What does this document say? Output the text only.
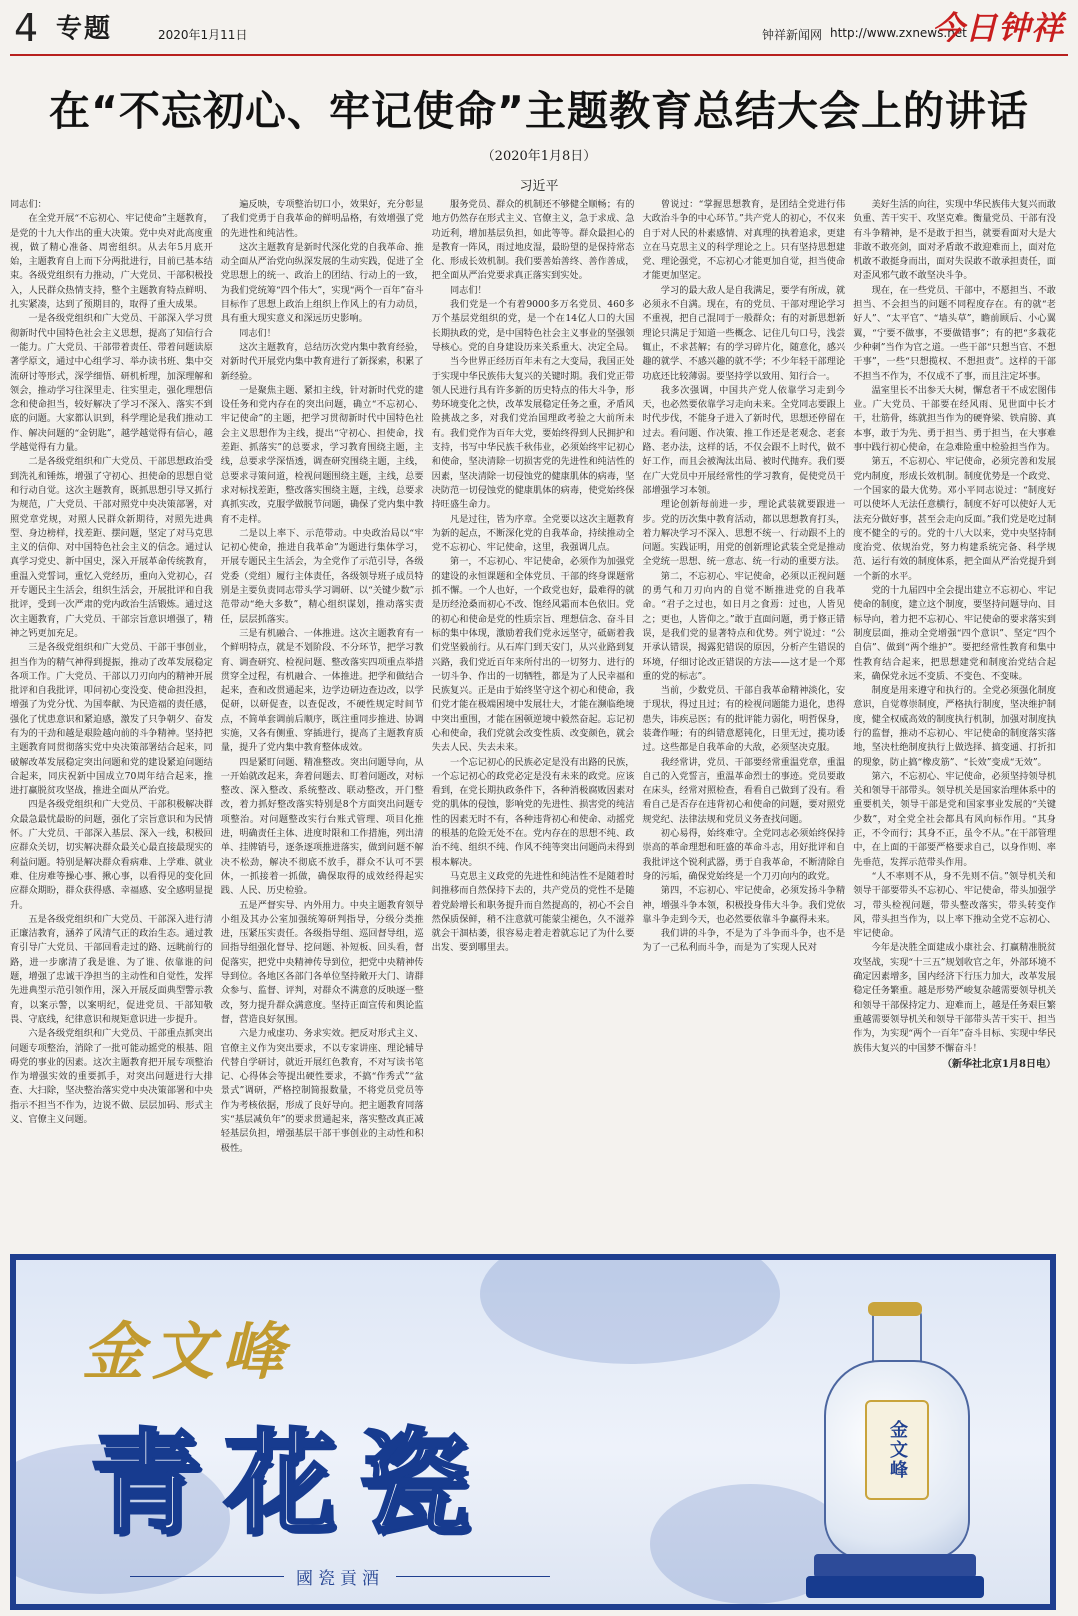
4 专题	2020年1月11日	钟祥新闻网 http://www.zxnews.net
今日钟祥
在“不忘初心、牢记使命”主题教育总结大会上的讲话
（2020年1月8日）
习近平

同志们：

在全党开展“不忘初心、牢记使命”主题教育，是党的十九大作出的重大决策。党中央对此高度重视，做了精心准备、周密组织。从去年5月底开始，主题教育自上而下分两批进行，目前已基本结束。各级党组织有力推动，广大党员、干部积极投入，人民群众热情支持，整个主题教育特点鲜明、扎实紧凑，达到了预期目的，取得了重大成果。

一是各级党组织和广大党员、干部深入学习贯彻新时代中国特色社会主义思想，提高了知信行合一能力。广大党员、干部带着责任、带着问题读原著学原文，通过中心组学习、举办读书班、集中交流研讨等形式，深学细悟、研机析理，加深理解和领会，推动学习往深里走、往实里走，强化理想信念和使命担当，较好解决了学习不深入、落实不到底的问题。大家都认识到，科学理论是我们推动工作、解决问题的“金钥匙”，越学越觉得有信心，越学越觉得有力量。

二是各级党组织和广大党员、干部思想政治受到洗礼和锤炼，增强了守初心、担使命的思想自觉和行动自觉。这次主题教育，既抓思想引导又抓行为规范，广大党员、干部对照党中央决策部署，对照党章党规，对照人民群众新期待，对照先进典型、身边榜样，找差距、摆问题，坚定了对马克思主义的信仰、对中国特色社会主义的信念。通过认真学习党史、新中国史，深入开展革命传统教育，重温入党誓词，重忆入党经历，重向入党初心，召开专题民主生活会，组织生活会，开展批评和自我批评，受到一次严肃的党内政治生活锻炼。通过这次主题教育，广大党员、干部宗旨意识增强了，精神之钙更加充足。

三是各级党组织和广大党员、干部干事创业，担当作为的精气神得到提振，推动了改革发展稳定各项工作。广大党员、干部以刀刃向内的精神开展批评和自我批评，叩问初心变没变、使命担没担，增强了为党分忧、为国奉献、为民造福的责任感，强化了忧患意识和紧迫感，激发了只争朝夕、奋发有为的干劲和越是艰险越向前的斗争精神。坚持把主题教育同贯彻落实党中央决策部署结合起来，同破解改革发展稳定突出问题和党的建设紧迫问题结合起来，同庆祝新中国成立70周年结合起来，推进打赢脱贫攻坚战，推进全面从严治党。

四是各级党组织和广大党员、干部积极解决群众最急最忧最盼的问题，强化了宗旨意识和为民情怀。广大党员、干部深入基层、深入一线，积极回应群众关切，切实解决群众最关心最直接最现实的利益问题。特别是解决群众看病难、上学难、就业难、住房难等操心事、揪心事，以看得见的变化回应群众期盼，群众获得感、幸福感、安全感明显提升。

五是各级党组织和广大党员、干部深入进行清正廉洁教育，涵养了风清气正的政治生态。通过教育引导广大党员、干部回看走过的路、远眺前行的路，进一步廓清了我是谁、为了谁、依靠谁的问题，增强了忠诚干净担当的主动性和自觉性，发挥先进典型示范引领作用，深入开展反面典型警示教育，以案示警，以案明纪，促进党员、干部知敬畏、守底线，纪律意识和规矩意识进一步提升。

六是各级党组织和广大党员、干部重点抓突出问题专项整治，消除了一批可能动摇党的根基、阻碍党的事业的因素。这次主题教育把开展专项整治作为增强实效的重要抓手，对突出问题进行大排查、大扫除，坚决整治落实党中央决策部署和中央指示不担当不作为，边说不做、层层加码、形式主义、官僚主义问题。

遍反映，专项整治切口小，效果好，充分彰显了我们党勇于自我革命的鲜明品格，有效增强了党的先进性和纯洁性。

这次主题教育是新时代深化党的自我革命、推动全面从严治党向纵深发展的生动实践，促进了全党思想上的统一、政治上的团结、行动上的一致，为我们党统筹“四个伟大”，实现“两个一百年”奋斗目标作了思想上政治上组织上作风上的有力动员，具有重大现实意义和深远历史影响。

同志们！

这次主题教育，总结历次党内集中教育经验，对新时代开展党内集中教育进行了新探索，积累了新经验。

一是聚焦主题、紧扣主线，针对新时代党的建设任务和党内存在的突出问题，确立“不忘初心、牢记使命”的主题，把学习贯彻新时代中国特色社会主义思想作为主线，提出“守初心、担使命，找差距、抓落实”的总要求，学习教育围绕主题，主线，总要求学深悟透，调查研究围绕主题，主线，总要求寻策问道，检视问题围绕主题，主线，总要求对标找差距，整改落实围绕主题，主线，总要求真抓实改，克服学做脱节问题，确保了党内集中教育不走样。

二是以上率下、示范带动。中央政治局以“牢记初心使命，推进自我革命”为题进行集体学习，开展专题民主生活会，为全党作了示范引导，各级党委（党组）履行主体责任，各级领导班子成员特别是主要负责同志带头学习调研、以“关键少数”示范带动“绝大多数”，精心组织谋划，推动落实责任，层层抓落实。

三是有机融合、一体推进。这次主题教育有一个鲜明特点，就是不划阶段、不分环节，把学习教育、调查研究、检视问题、整改落实四项重点举措贯穿全过程，有机融合、一体推进。把学和做结合起来，查和改贯通起来，边学边研边查边改，以学促研，以研促查，以查促改，不硬性规定时间节点，不简单套调前后顺序，既注重同步推进、协调实施，又各有侧重、穿插进行，提高了主题教育质量，提升了党内集中教育整体成效。

四是紧盯问题、精准整改。突出问题导向，从一开始就改起来，奔着问题去、盯着问题改，对标整改、深入整改、系统整改、联动整改，开门整改，着力抓好整改落实特别是8个方面突出问题专项整治。对问题整改实行台账式管理、项目化推进，明确责任主体、进度时限和工作措施，列出清单、挂牌销号，逐条逐项推进落实，做到问题不解决不松劲，解决不彻底不放手，群众不认可不罢休，一抓接着一抓做，确保取得的成效经得起实践、人民、历史检验。

五是严督实导、内外用力。中央主题教育领导小组及其办公室加强统筹研判指导，分级分类推进，压紧压实责任。各级指导组、巡回督导组，巡回指导组强化督导、挖问题、补短板、回头看，督促落实，把党中央精神传导到位，把党中央精神传导到位。各地区各部门各单位坚持敞开大门、请群众参与、监督、评判，对群众不满意的反映逐一整改，努力提升群众满意度。坚持正面宣传和舆论监督，营造良好氛围。

六是力戒虚功、务求实效。把反对形式主义、官僚主义作为突出要求，不以专家讲座、理论辅导代替自学研讨，就近开展红色教育，不对写读书笔记、心得体会等提出硬性要求，不搞“作秀式”“盆景式”调研，严格控制简报数量，不将党员党员等作为考核依据，形成了良好导向。把主题教育同落实“基层减负年”的要求贯通起来，落实整改真正减轻基层负担，增强基层干部干事创业的主动性和积极性。

服务党员、群众的机制还不够健全顺畅；有的地方仍然存在形式主义、官僚主义，急于求成、急功近利，增加基层负担，如此等等。群众最担心的是教育一阵风，雨过地皮湿，最盼望的是保持常态化、形成长效机制。我们要善始善终、善作善成，把全面从严治党要求真正落实到实处。

同志们！

我们党是一个有着9000多万名党员、460多万个基层党组织的党，是一个在14亿人口的大国长期执政的党，是中国特色社会主义事业的坚强领导核心。党的自身建设历来关系重大、决定全局。

当今世界正经历百年未有之大变局，我国正处于实现中华民族伟大复兴的关键时期。我们党正带领人民进行具有许多新的历史特点的伟大斗争，形势环境变化之快，改革发展稳定任务之重，矛盾风险挑战之多，对我们党治国理政考验之大前所未有。我们党作为百年大党，要始终得到人民拥护和支持，书写中华民族千秋伟业，必须始终牢记初心和使命，坚决清除一切损害党的先进性和纯洁性的因素，坚决清除一切侵蚀党的健康肌体的病毒，坚决防范一切侵蚀党的健康肌体的病毒，使党始终保持旺盛生命力。

凡是过往，皆为序章。全党要以这次主题教育为新的起点，不断深化党的自我革命，持续推动全党不忘初心、牢记使命，这里，我强调几点。

第一，不忘初心、牢记使命，必须作为加强党的建设的永恒课题和全体党员、干部的终身课题常抓不懈。一个人也好，一个政党也好，最难得的就是历经沧桑而初心不改、饱经风霜而本色依旧。党的初心和使命是党的性质宗旨、理想信念、奋斗目标的集中体现，激励着我们党永远坚守，砥砺着我们党坚毅前行。从石库门到天安门，从兴业路到复兴路，我们党近百年来所付出的一切努力、进行的一切斗争、作出的一切牺牲，都是为了人民幸福和民族复兴。正是由于始终坚守这个初心和使命，我们党才能在极端困境中发展壮大，才能在濒临绝境中突出重围，才能在困顿逆境中毅然奋起。忘记初心和使命，我们党就会改变性质、改变颜色，就会失去人民、失去未来。

一个忘记初心的民族必定是没有出路的民族，一个忘记初心的政党必定是没有未来的政党。应该看到，在党长期执政条件下，各种消极腐败因素对党的肌体的侵蚀，影响党的先进性、损害党的纯洁性的因素无时不有，各种违背初心和使命、动摇党的根基的危险无处不在。党内存在的思想不纯、政治不纯、组织不纯、作风不纯等突出问题尚未得到根本解决。

马克思主义政党的先进性和纯洁性不是随着时间推移而自然保持下去的，共产党员的党性不是随着党龄增长和职务提升而自然提高的，初心不会自然保质保鲜，稍不注意就可能蒙尘褪色，久不滋养就会干涸枯萎，很容易走着走着就忘记了为什么要出发、要到哪里去。

曾说过：“掌握思想教育，是团结全党进行伟大政治斗争的中心环节。”共产党人的初心，不仅来自于对人民的朴素感情、对真理的执着追求，更建立在马克思主义的科学理论之上。只有坚持思想建党、理论强党，不忘初心才能更加自觉，担当使命才能更加坚定。

学习的最大敌人是自我满足，要学有所成，就必须永不自满。现在，有的党员、干部对理论学习不重视，把自己混同于一般群众；有的对新思想新理论只满足于知道一些概念、记住几句口号，浅尝辄止，不求甚解；有的学习碎片化，随意化，感兴趣的就学、不感兴趣的就不学；不少年轻干部理论功底还比较薄弱。要坚持学以致用、知行合一。

我多次强调，中国共产党人依靠学习走到今天，也必然要依靠学习走向未来。全党同志要跟上时代步伐，不能身子进入了新时代，思想还停留在过去。看问题、作决策、推工作还是老观念、老套路、老办法，这样的话，不仅会跟不上时代，做不好工作，而且会被淘汰出局、被时代抛弃。我们要在广大党员中开展经常性的学习教育，促使党员干部增强学习本领。

理论创新每前进一步，理论武装就要跟进一步。党的历次集中教育活动，都以思想教育打头，着力解决学习不深入、思想不统一、行动跟不上的问题。实践证明，用党的创新理论武装全党是推动全党统一思想、统一意志、统一行动的重要方法。

第二，不忘初心、牢记使命，必须以正视问题的勇气和刀刃向内的自觉不断推进党的自我革命。“君子之过也，如日月之食焉：过也，人皆见之；更也，人皆仰之。”敢于直面问题，勇于修正错误，是我们党的显著特点和优势。列宁说过：“公开承认错误，揭露犯错误的原因，分析产生错误的环境，仔细讨论改正错误的方法——这才是一个郑重的党的标志”。

当前，少数党员、干部自我革命精神淡化，安于现状，得过且过；有的检视问题能力退化，患得患失，讳疾忌医；有的批评能力弱化，明哲保身，装聋作哑；有的纠错意愿钝化，日里无过，揽功诿过。这些都是自我革命的大敌，必须坚决克服。

我经常讲，党员、干部要经常重温党章，重温自己的入党誓言，重温革命烈士的事迹。党员要敢在床头，经常对照检查，看看自己做到了没有。看看自己是否存在违背初心和使命的问题，要对照党规党纪、法律法规和党员义务查找问题。

初心易得，始终难守。全党同志必须始终保持崇高的革命理想和旺盛的革命斗志，用好批评和自我批评这个锐利武器，勇于自我革命，不断清除自身的污垢，确保党始终是一个刀刃向内的政党。

第四，不忘初心、牢记使命，必须发扬斗争精神，增强斗争本领，积极投身伟大斗争。我们党依靠斗争走到今天，也必然要依靠斗争赢得未来。

我们讲的斗争，不是为了斗争而斗争，也不是为了一己私利而斗争，而是为了实现人民对

美好生活的向往，实现中华民族伟大复兴而敢负重、苦干实干、攻坚克难。衡量党员、干部有没有斗争精神，是不是敢于担当，就要看面对大是大非敢不敢亮剑，面对矛盾敢不敢迎难而上，面对危机敢不敢挺身而出，面对失误敢不敢承担责任，面对歪风邪气敢不敢坚决斗争。

现在，在一些党员、干部中，不愿担当、不敢担当、不会担当的问题不同程度存在。有的就“老好人”、“太平官”、“墙头草”，瞻前顾后、小心翼翼，“宁要不做事，不要做错事”；有的把“多栽花少种刺”当作为官之道。一些干部“只想当官、不想干事”，一些“只想揽权、不想担责”。这样的干部不担当不作为，不仅成不了事，而且注定坏事。

温室里长不出参天大树，懈怠者干不成宏图伟业。广大党员、干部要在经风雨、见世面中长才干，壮筋骨，练就担当作为的硬脊梁、铁肩膀、真本事，敢于为先、勇于担当、勇于担当，在大事难事中践行初心使命，在急难险重中检验担当作为。

第五，不忘初心、牢记使命，必须完善和发展党内制度，形成长效机制。制度优势是一个政党、一个国家的最大优势。邓小平同志说过：“制度好可以使坏人无法任意横行，制度不好可以使好人无法充分做好事，甚至会走向反面。”我们党是吃过制度不健全的亏的。党的十八大以来，党中央坚持制度治党、依规治党，努力构建系统完备、科学规范、运行有效的制度体系，把全面从严治党提升到一个新的水平。

党的十九届四中全会提出建立不忘初心、牢记使命的制度，建立这个制度，要坚持问题导向、目标导向，着力把不忘初心、牢记使命的要求落实到制度层面，推动全党增强“四个意识”、坚定“四个自信”、做到“两个维护”。要把经常性教育和集中性教育结合起来，把思想建党和制度治党结合起来，确保党永远不变质、不变色、不变味。

制度是用来遵守和执行的。全党必须强化制度意识，自觉尊崇制度，严格执行制度，坚决维护制度，健全权威高效的制度执行机制，加强对制度执行的监督，推动不忘初心、牢记使命的制度落实落地，坚决杜绝制度执行上做选择、搞变通、打折扣的现象，防止搞“橡皮筋”、“长效”变成“无效”。

第六，不忘初心、牢记使命，必须坚持领导机关和领导干部带头。领导机关是国家治理体系中的重要机关，领导干部是党和国家事业发展的“关键少数”，对全党全社会都具有风向标作用。“其身正，不令而行；其身不正，虽令不从。”在干部管理中，在上面的干部要严格要求自己，以身作则、率先垂范，发挥示范带头作用。

“人不率则不从，身不先则不信。”领导机关和领导干部要带头不忘初心、牢记使命，带头加强学习，带头检视问题，带头整改落实，带头转变作风，带头担当作为，以上率下推动全党不忘初心、牢记使命。

今年是决胜全面建成小康社会、打赢精准脱贫攻坚战，实现“十三五”规划收官之年，外部环境不确定因素增多，国内经济下行压力加大，改革发展稳定任务繁重。越是形势严峻复杂越需要领导机关和领导干部保持定力、迎难而上，越是任务艰巨繁重越需要领导机关和领导干部带头苦干实干、担当作为，为实现“两个一百年”奋斗目标、实现中华民族伟大复兴的中国梦不懈奋斗！

（新华社北京1月8日电）
金文峰
青花瓷
國瓷貢酒
金文峰
